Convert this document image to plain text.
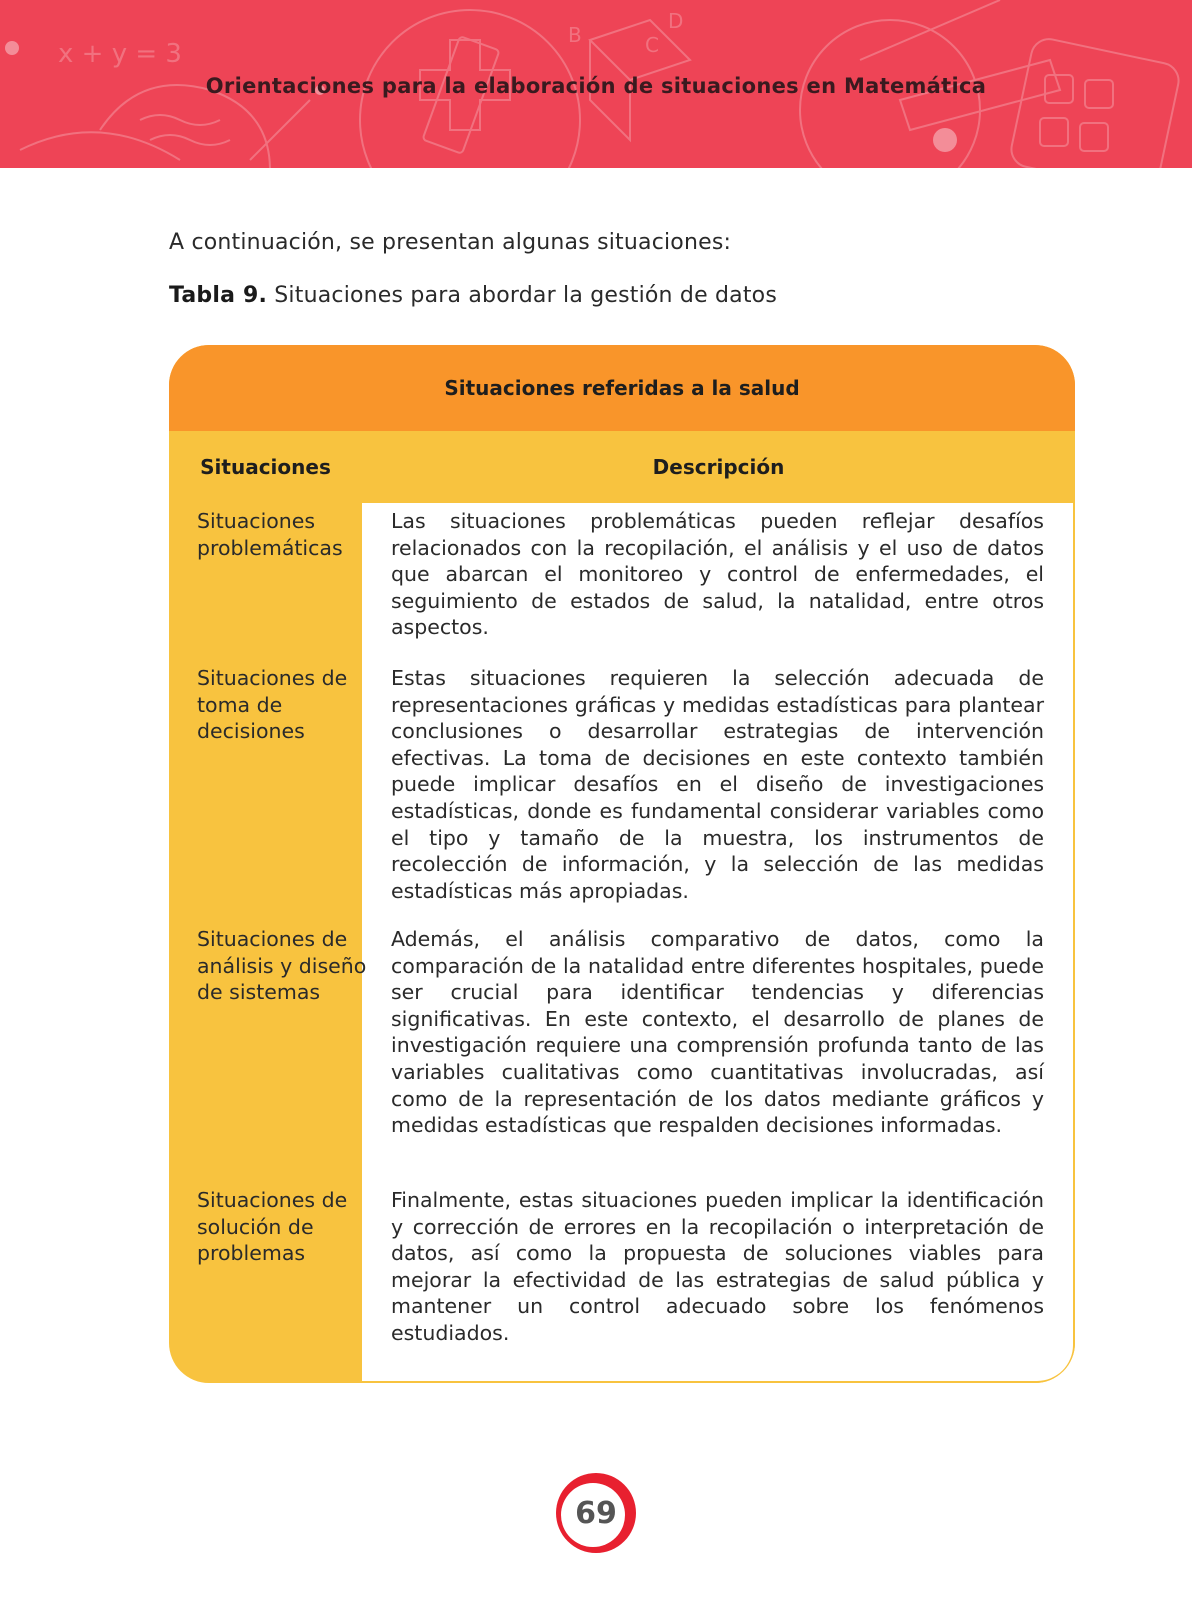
x + y = 3
B
D
C
Orientaciones para la elaboración de situaciones en Matemática
A continuación, se presentan algunas situaciones:
Tabla 9. Situaciones para abordar la gestión de datos
Situaciones referidas a la salud
Situaciones	Descripción
Situaciones problemáticas
Las situaciones problemáticas pueden reflejar desafíos relacionados con la recopilación, el análisis y el uso de datos que abarcan el monitoreo y control de enfermedades, el seguimiento de estados de salud, la natalidad, entre otros aspectos.
Situaciones de toma de decisiones
Estas situaciones requieren la selección adecuada de representaciones gráficas y medidas estadísticas para plantear conclusiones o desarrollar estrategias de intervención efectivas. La toma de decisiones en este contexto también puede implicar desafíos en el diseño de investigaciones estadísticas, donde es fundamental considerar variables como el tipo y tamaño de la muestra, los instrumentos de recolección de información, y la selección de las medidas estadísticas más apropiadas.
Situaciones de análisis y diseño de sistemas
Además, el análisis comparativo de datos, como la comparación de la natalidad entre diferentes hospitales, puede ser crucial para identificar tendencias y diferencias significativas. En este contexto, el desarrollo de planes de investigación requiere una comprensión profunda tanto de las variables cualitativas como cuantitativas involucradas, así como de la representación de los datos mediante gráficos y medidas estadísticas que respalden decisiones informadas.
Situaciones de solución de problemas
Finalmente, estas situaciones pueden implicar la identificación y corrección de errores en la recopilación o interpretación de datos, así como la propuesta de soluciones viables para mejorar la efectividad de las estrategias de salud pública y mantener un control adecuado sobre los fenómenos estudiados.
69
